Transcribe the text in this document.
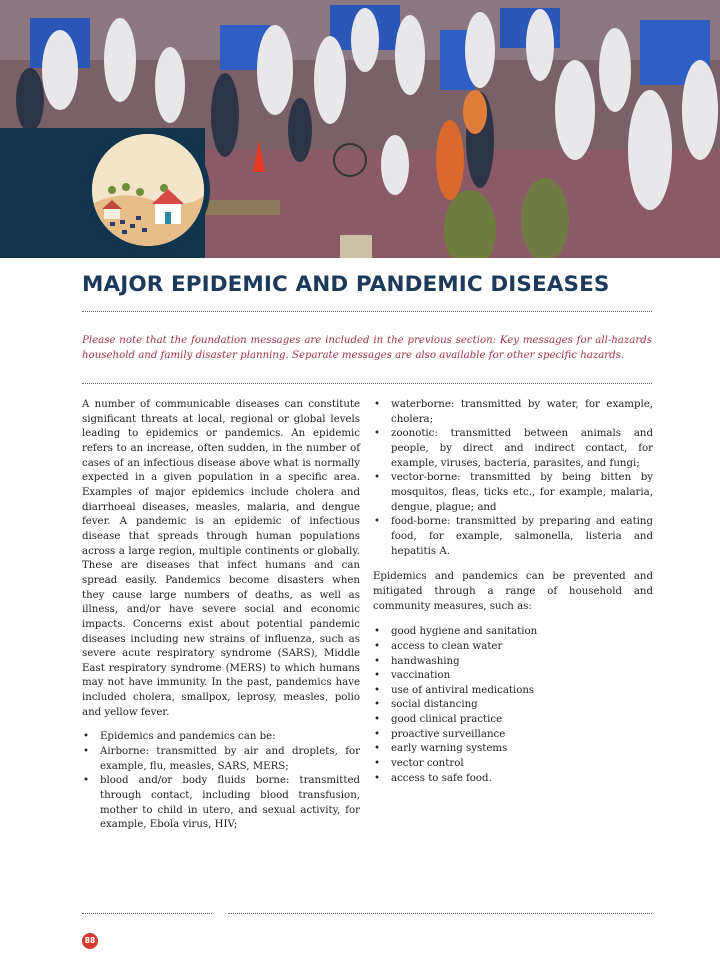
MAJOR EPIDEMIC AND PANDEMIC DISEASES

Please note that the foundation messages are included in the previous section: Key messages for all-hazards household and family disaster planning. Separate messages are also available for other specific hazards.

A number of communicable diseases can constitute significant threats at local, regional or global levels leading to epidemics or pandemics. An epidemic refers to an increase, often sudden, in the number of cases of an infectious disease above what is normally expected in a given population in a specific area. Examples of major epidemics include cholera and diarrhoeal diseases, measles, malaria, and dengue fever. A pandemic is an epidemic of infectious disease that spreads through human populations across a large region, multiple continents or globally. These are diseases that infect humans and can spread easily. Pandemics become disasters when they cause large numbers of deaths, as well as illness, and/or have severe social and economic impacts. Concerns exist about potential pandemic diseases including new strains of influenza, such as severe acute respiratory syndrome (SARS), Middle East respiratory syndrome (MERS) to which humans may not have immunity. In the past, pandemics have included cholera, smallpox, leprosy, measles, polio and yellow fever.

• Epidemics and pandemics can be:
• Airborne: transmitted by air and droplets, for example, flu, measles, SARS, MERS;
• blood and/or body fluids borne: transmitted through contact, including blood transfusion, mother to child in utero, and sexual activity, for example, Ebola virus, HIV;
• waterborne: transmitted by water, for example, cholera;
• zoonotic: transmitted between animals and people, by direct and indirect contact, for example, viruses, bacteria, parasites, and fungi;
• vector-borne: transmitted by being bitten by mosquitos, fleas, ticks etc., for example, malaria, dengue, plague; and
• food-borne: transmitted by preparing and eating food, for example, salmonella, listeria and hepatitis A.

Epidemics and pandemics can be prevented and mitigated through a range of household and community measures, such as:

• good hygiene and sanitation
• access to clean water
• handwashing
• vaccination
• use of antiviral medications
• social distancing
• good clinical practice
• proactive surveillance
• early warning systems
• vector control
• access to safe food.
88
